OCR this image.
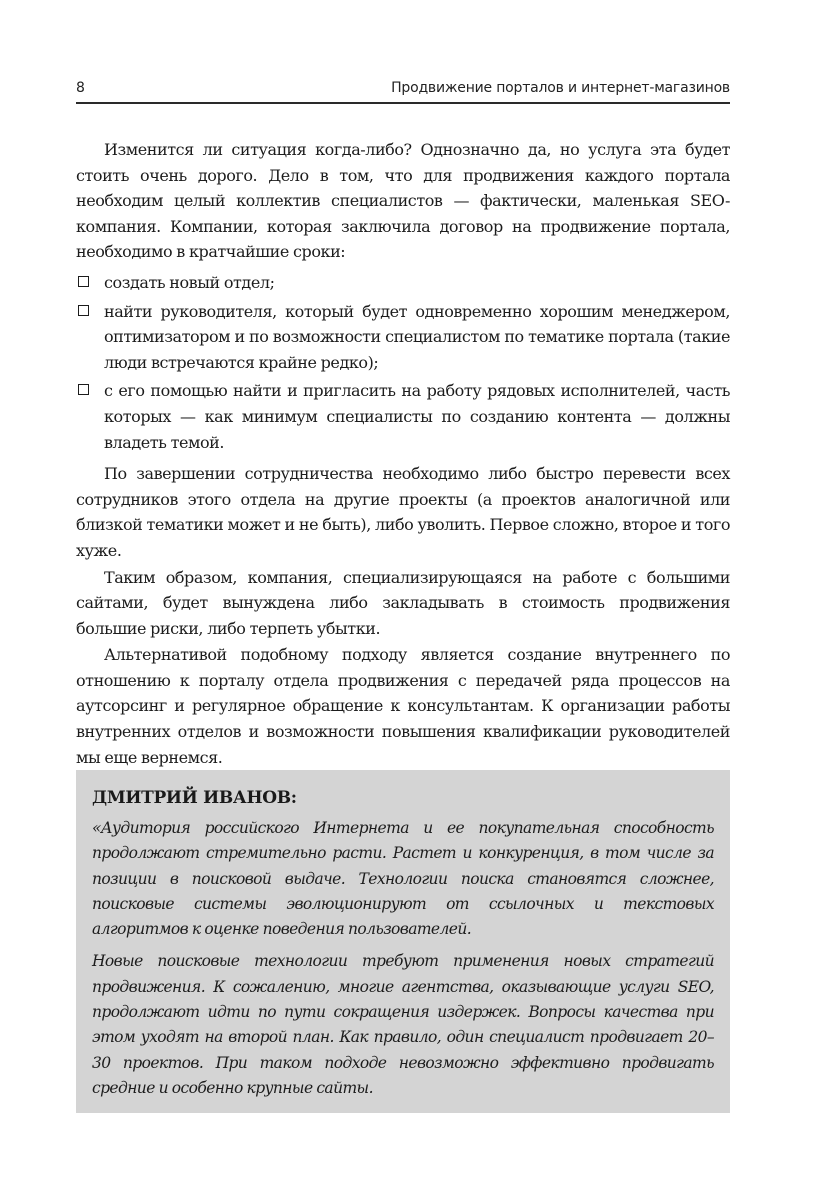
8	Продвижение порталов и интернет-магазинов

Изменится ли ситуация когда-либо? Однозначно да, но услуга эта будет стоить очень дорого. Дело в том, что для продвижения каждого портала необходим целый коллектив специалистов — фактически, маленькая SEO-компания. Компании, которая заключила договор на продвижение портала, необходимо в кратчайшие сроки:

создать новый отдел;
найти руководителя, который будет одновременно хорошим менеджером, оптимизатором и по возможности специалистом по тематике портала (такие люди встречаются крайне редко);
с его помощью найти и пригласить на работу рядовых исполнителей, часть которых — как минимум специалисты по созданию контента — должны владеть темой.

По завершении сотрудничества необходимо либо быстро перевести всех сотрудников этого отдела на другие проекты (а проектов аналогичной или близкой тематики может и не быть), либо уволить. Первое сложно, второе и того хуже.

Таким образом, компания, специализирующаяся на работе с большими сайтами, будет вынуждена либо закладывать в стоимость продвижения большие риски, либо терпеть убытки.

Альтернативой подобному подходу является создание внутреннего по отношению к порталу отдела продвижения с передачей ряда процессов на аутсорсинг и регулярное обращение к консультантам. К организации работы внутренних отделов и возможности повышения квалификации руководителей мы еще вернемся.

ДМИТРИЙ ИВАНОВ:

«Аудитория российского Интернета и ее покупательная способность продолжают стремительно расти. Растет и конкуренция, в том числе за позиции в поисковой выдаче. Технологии поиска становятся сложнее, поисковые системы эволюционируют от ссылочных и текстовых алгоритмов к оценке поведения пользователей.

Новые поисковые технологии требуют применения новых стратегий продвижения. К сожалению, многие агентства, оказывающие услуги SEO, продолжают идти по пути сокращения издержек. Вопросы качества при этом уходят на второй план. Как правило, один специалист продвигает 20–30 проектов. При таком подходе невозможно эффективно продвигать средние и особенно крупные сайты.
